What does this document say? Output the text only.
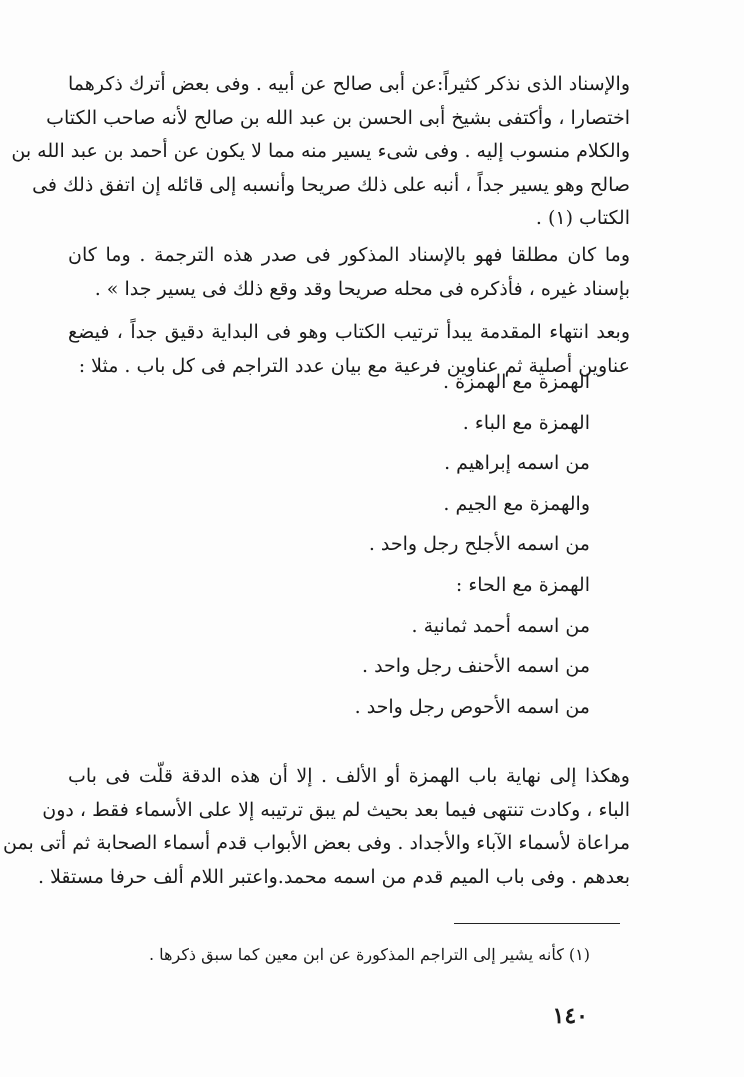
والإسناد الذى نذكر كثيراً:عن أبى صالح عن أبيه . وفى بعض أترك ذكرهما
اختصارا ، وأكتفى بشيخ أبى الحسن بن عبد الله بن صالح لأنه صاحب الكتاب
والكلام منسوب إليه . وفى شىء يسير منه مما لا يكون عن أحمد بن عبد الله بن
صالح وهو يسير جداً ، أنبه على ذلك صريحا وأنسبه إلى قائله إن اتفق ذلك فى
الكتاب (١) .
وما كان مطلقا فهو بالإسناد المذكور فى صدر هذه الترجمة . وما كان
بإسناد غيره ، فأذكره فى محله صريحا وقد وقع ذلك فى يسير جدا » .
وبعد انتهاء المقدمة يبدأ ترتيب الكتاب وهو فى البداية دقيق جداً ، فيضع
عناوين أصلية ثم عناوين فرعية مع بيان عدد التراجم فى كل باب . مثلا :
الهمزة مع الهمزة .
الهمزة مع الباء .
من اسمه إبراهيم .
والهمزة مع الجيم .
من اسمه الأجلح رجل واحد .
الهمزة مع الحاء :
من اسمه أحمد ثمانية .
من اسمه الأحنف رجل واحد .
من اسمه الأحوص رجل واحد .
وهكذا إلى نهاية باب الهمزة أو الألف . إلا أن هذه الدقة قلّت فى باب
الباء ، وكادت تنتهى فيما بعد بحيث لم يبق ترتيبه إلا على الأسماء فقط ، دون
مراعاة لأسماء الآباء والأجداد . وفى بعض الأبواب قدم أسماء الصحابة ثم أتى بمن
بعدهم . وفى باب الميم قدم من اسمه محمد.واعتبر اللام ألف حرفا مستقلا .
(١) كأنه يشير إلى التراجم المذكورة عن ابن معين كما سبق ذكرها .
١٤٠
